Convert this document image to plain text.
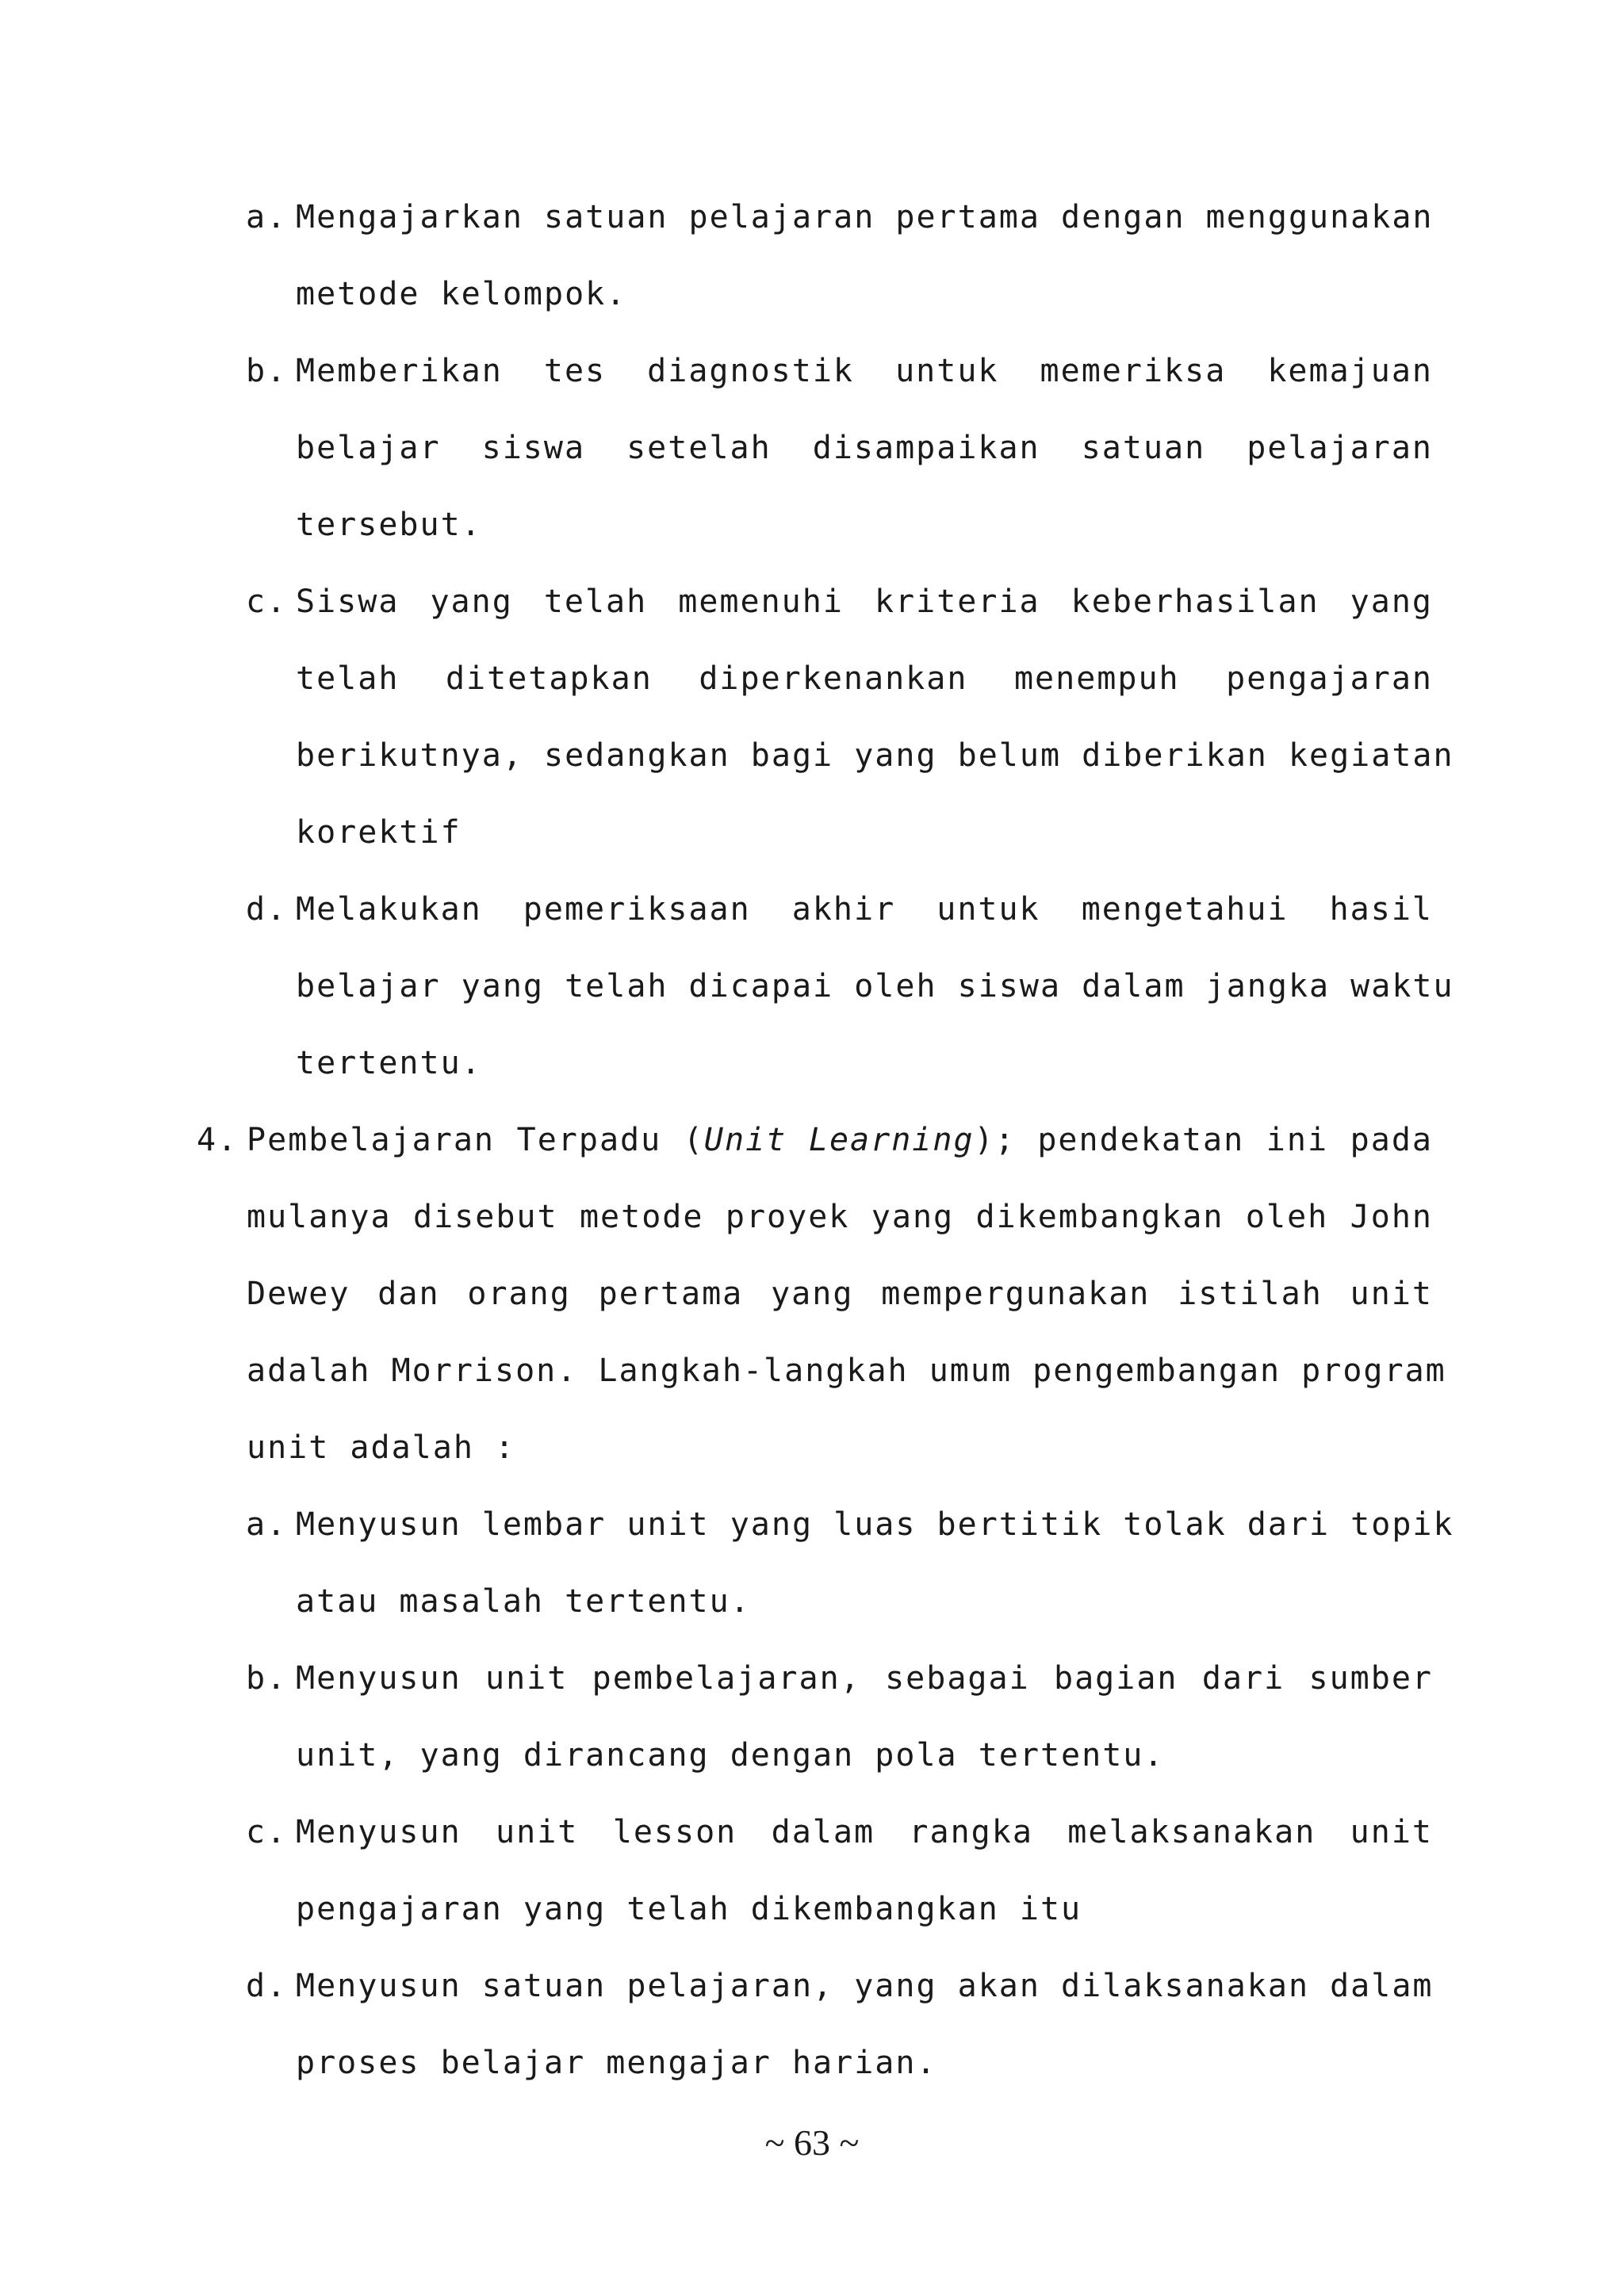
a. Mengajarkan satuan pelajaran pertama dengan menggunakan
metode kelompok.
b. Memberikan tes diagnostik untuk memeriksa kemajuan
belajar siswa setelah disampaikan satuan pelajaran
tersebut.
c. Siswa yang telah memenuhi kriteria keberhasilan yang
telah ditetapkan diperkenankan menempuh pengajaran
berikutnya, sedangkan bagi yang belum diberikan kegiatan
korektif
d. Melakukan pemeriksaan akhir untuk mengetahui hasil
belajar yang telah dicapai oleh siswa dalam jangka waktu
tertentu.
4. Pembelajaran Terpadu (Unit Learning); pendekatan ini pada
mulanya disebut metode proyek yang dikembangkan oleh John
Dewey dan orang pertama yang mempergunakan istilah unit
adalah Morrison. Langkah-langkah umum pengembangan program
unit adalah :
a. Menyusun lembar unit yang luas bertitik tolak dari topik
atau masalah tertentu.
b. Menyusun unit pembelajaran, sebagai bagian dari sumber
unit, yang dirancang dengan pola tertentu.
c. Menyusun unit lesson dalam rangka melaksanakan unit
pengajaran yang telah dikembangkan itu
d. Menyusun satuan pelajaran, yang akan dilaksanakan dalam
proses belajar mengajar harian.
~ 63 ~
